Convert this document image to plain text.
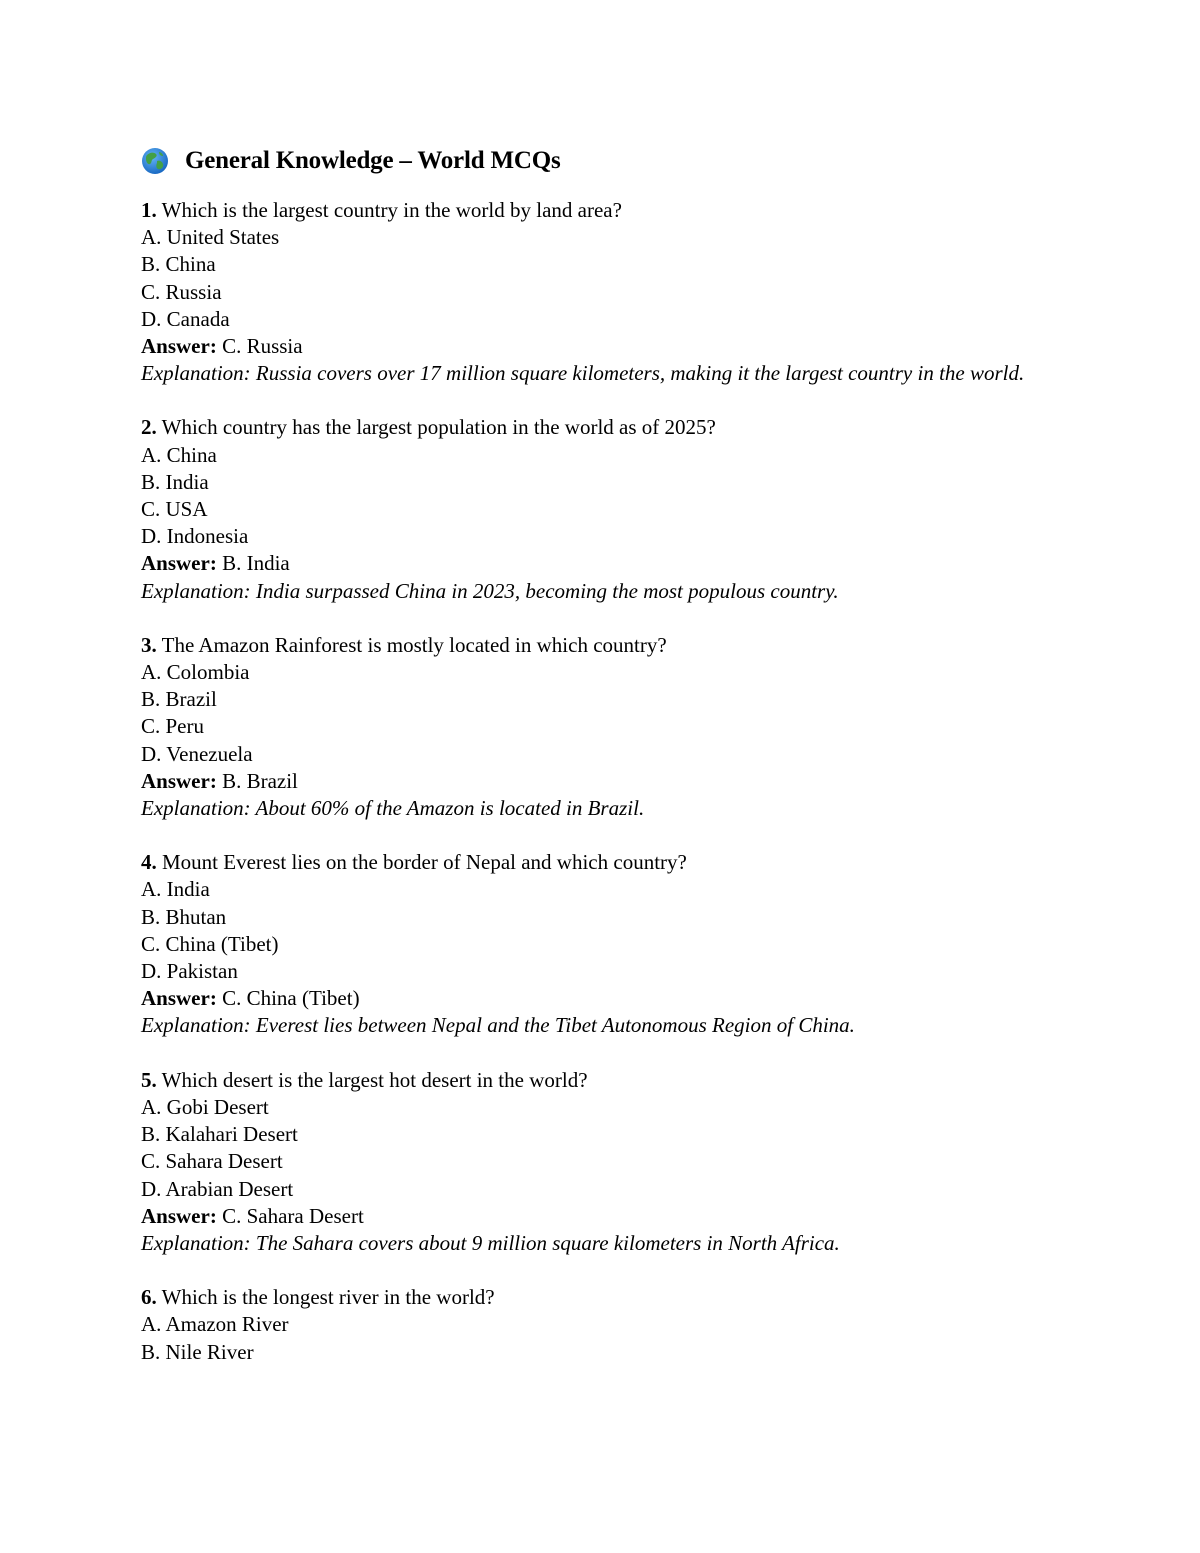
General Knowledge – World MCQs
1. Which is the largest country in the world by land area?
A. United States
B. China
C. Russia
D. Canada
Answer: C. Russia
Explanation: Russia covers over 17 million square kilometers, making it the largest country in the world.
2. Which country has the largest population in the world as of 2025?
A. China
B. India
C. USA
D. Indonesia
Answer: B. India
Explanation: India surpassed China in 2023, becoming the most populous country.
3. The Amazon Rainforest is mostly located in which country?
A. Colombia
B. Brazil
C. Peru
D. Venezuela
Answer: B. Brazil
Explanation: About 60% of the Amazon is located in Brazil.
4. Mount Everest lies on the border of Nepal and which country?
A. India
B. Bhutan
C. China (Tibet)
D. Pakistan
Answer: C. China (Tibet)
Explanation: Everest lies between Nepal and the Tibet Autonomous Region of China.
5. Which desert is the largest hot desert in the world?
A. Gobi Desert
B. Kalahari Desert
C. Sahara Desert
D. Arabian Desert
Answer: C. Sahara Desert
Explanation: The Sahara covers about 9 million square kilometers in North Africa.
6. Which is the longest river in the world?
A. Amazon River
B. Nile River
